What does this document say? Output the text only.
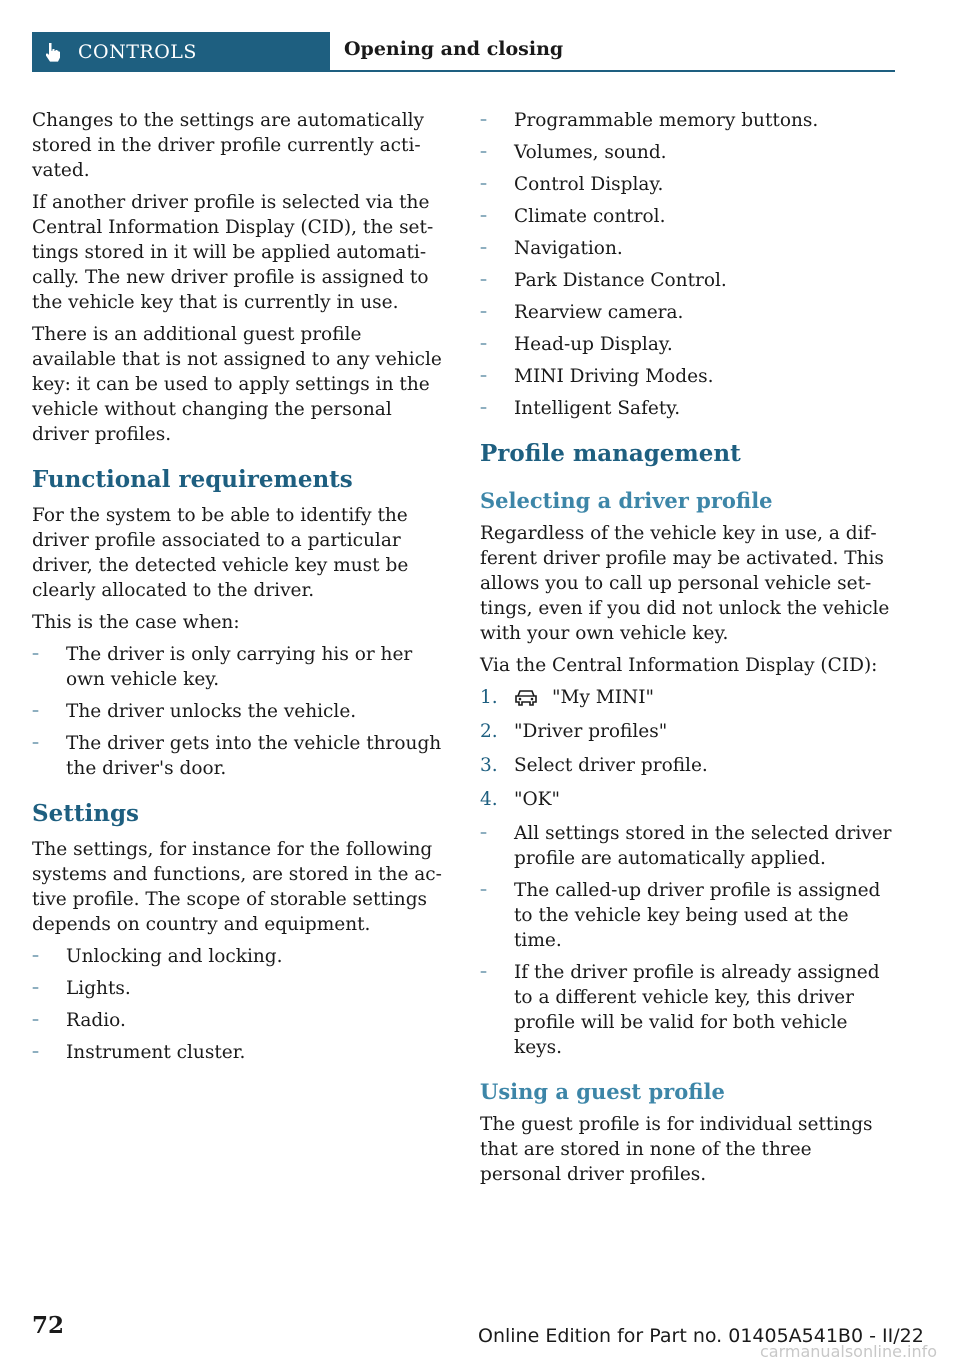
CONTROLS	Opening and closing

Changes to the settings are automatically stored in the driver profile currently activated.

If another driver profile is selected via the Central Information Display (CID), the settings stored in it will be applied automatically. The new driver profile is assigned to the vehicle key that is currently in use.

There is an additional guest profile available that is not assigned to any vehicle key: it can be used to apply settings in the vehicle without changing the personal driver profiles.

Functional requirements

For the system to be able to identify the driver profile associated to a particular driver, the detected vehicle key must be clearly allocated to the driver.

This is the case when:

– The driver is only carrying his or her own vehicle key.
– The driver unlocks the vehicle.
– The driver gets into the vehicle through the driver's door.
Settings

The settings, for instance for the following systems and functions, are stored in the active profile. The scope of storable settings depends on country and equipment.

– Unlocking and locking.
– Lights.
– Radio.
– Instrument cluster.
– Programmable memory buttons.
– Volumes, sound.
– Control Display.
– Climate control.
– Navigation.
– Park Distance Control.
– Rearview camera.
– Head-up Display.
– MINI Driving Modes.
– Intelligent Safety.
Profile management
Selecting a driver profile

Regardless of the vehicle key in use, a different driver profile may be activated. This allows you to call up personal vehicle settings, even if you did not unlock the vehicle with your own vehicle key.

Via the Central Information Display (CID):

1.	"My MINI"
2. "Driver profiles"
3. Select driver profile.
4. "OK"
– All settings stored in the selected driver profile are automatically applied.
– The called-up driver profile is assigned to the vehicle key being used at the time.
– If the driver profile is already assigned to a different vehicle key, this driver profile will be valid for both vehicle keys.
Using a guest profile

The guest profile is for individual settings that are stored in none of the three personal driver profiles.

72	Online Edition for Part no. 01405A541B0 - II/22
carmanualsonline.info
